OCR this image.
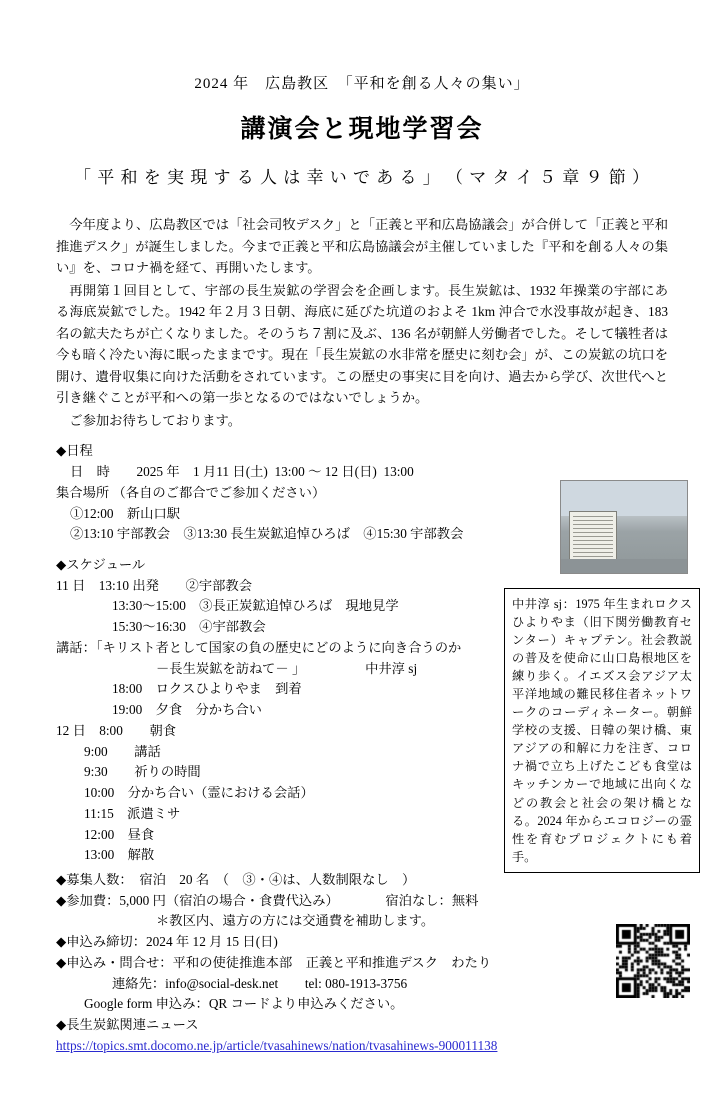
2024 年　広島教区　「平和を創る人々の集い」
講演会と現地学習会
「 平 和 を 実 現 す る 人 は 幸 い で あ る 」 （ マ タ イ ５ 章 ９ 節 ）

今年度より、広島教区では「社会司牧デスク」と「正義と平和広島協議会」が合併して「正義と平和推進デスク」が誕生しました。今まで正義と平和広島協議会が主催していました『平和を創る人々の集い』を、コロナ禍を経て、再開いたします。

再開第１回目として、宇部の長生炭鉱の学習会を企画します。長生炭鉱は、1932 年操業の宇部にある海底炭鉱でした。1942 年２月３日朝、海底に延びた坑道のおよそ 1km 沖合で水没事故が起き、183 名の鉱夫たちが亡くなりました。そのうち７割に及ぶ、136 名が朝鮮人労働者でした。そして犠牲者は今も暗く冷たい海に眠ったままです。現在「長生炭鉱の水非常を歴史に刻む会」が、この炭鉱の坑口を開け、遺骨収集に向けた活動をされています。この歴史の事実に目を向け、過去から学び、次世代へと引き継ぐことが平和への第一歩となるのではないでしょうか。

ご参加お待ちしております。

◆日程
日　時　　2025 年　1 月11 日(土)  13:00 ～ 12 日(日)  13:00
集合場所 （各自のご都合でご参加ください）
①12:00　新山口駅
②13:10 宇部教会　③13:30 長生炭鉱追悼ひろば　④15:30 宇部教会
◆スケジュール
11 日　 13:10 出発　　 ②宇部教会
13:30～15:00　 ③長正炭鉱追悼ひろば　現地見学
15:30～16:30　 ④宇部教会
講話：「キリスト者として国家の負の歴史にどのように向き合うのか
－長生炭鉱を訪ねて－ 」　　　　　中井淳 sj
18:00　 ロクスひよりやま　到着
19:00　 夕食　分かち合い
12 日　 8:00　　 朝食
9:00　　 講話
9:30　　 祈りの時間
10:00　 分かち合い（霊における会話）
11:15　 派遣ミサ
12:00　 昼食
13:00　 解散
中井淳 sj：1975 年生まれロクスひよりやま（旧下関労働教育センター）キャプテン。社会教説の普及を使命に山口島根地区を練り歩く。イエズス会アジア太平洋地域の難民移住者ネットワークのコーディネーター。朝鮮学校の支援、日韓の架け橋、東アジアの和解に力を注ぎ、コロナ禍で立ち上げたこども食堂はキッチンカーで地域に出向くなどの教会と社会の架け橋となる。2024 年からエコロジーの霊性を育むプロジェクトにも着手。
◆募集人数：　宿泊　20 名　（　③・④は、人数制限なし　）
◆参加費：5,000 円（宿泊の場合・食費代込み）　　　　宿泊なし：無料
＊教区内、遠方の方には交通費を補助します。
◆申込み締切：2024 年 12 月 15 日(日)
◆申込み・問合せ：平和の使徒推進本部　正義と平和推進デスク　わたり
連絡先：info@social-desk.net　　tel: 080-1913-3756
Google form 申込み：QR コードより申込みください。
◆長生炭鉱関連ニュース
https://topics.smt.docomo.ne.jp/article/tvasahinews/nation/tvasahinews-900011138
